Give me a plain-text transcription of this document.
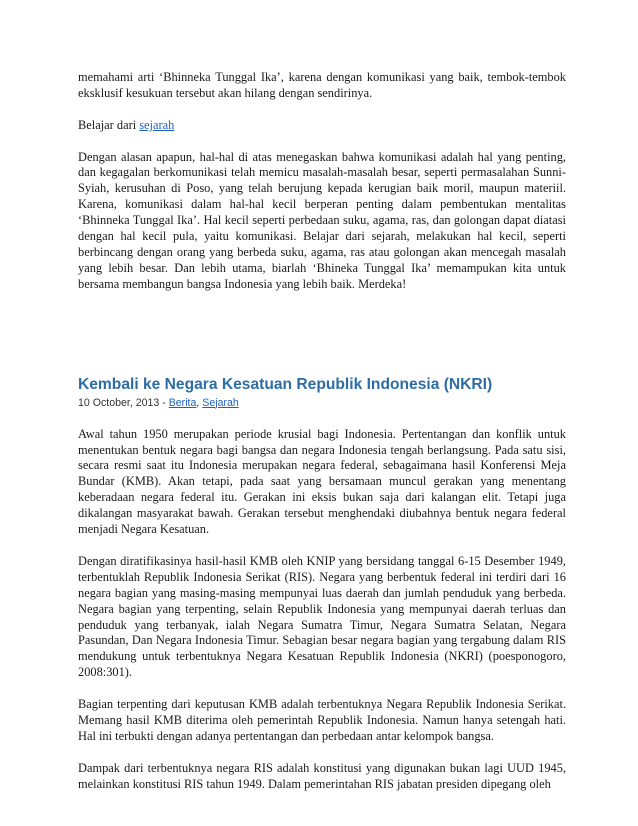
memahami arti ‘Bhinneka Tunggal Ika’, karena dengan komunikasi yang baik, tembok-tembok eksklusif kesukuan tersebut akan hilang dengan sendirinya.

Belajar dari sejarah

Dengan alasan apapun, hal-hal di atas menegaskan bahwa komunikasi adalah hal yang penting, dan kegagalan berkomunikasi telah memicu masalah-masalah besar, seperti permasalahan Sunni-Syiah, kerusuhan di Poso, yang telah berujung kepada kerugian baik moril, maupun materiil. Karena, komunikasi dalam hal-hal kecil berperan penting dalam pembentukan mentalitas ‘Bhinneka Tunggal Ika’. Hal kecil seperti perbedaan suku, agama, ras, dan golongan dapat diatasi dengan hal kecil pula, yaitu komunikasi. Belajar dari sejarah, melakukan hal kecil, seperti berbincang dengan orang yang berbeda suku, agama, ras atau golongan akan mencegah masalah yang lebih besar. Dan lebih utama, biarlah ‘Bhineka Tunggal Ika’ memampukan kita untuk bersama membangun bangsa Indonesia yang lebih baik. Merdeka!

Kembali ke Negara Kesatuan Republik Indonesia (NKRI)
10 October, 2013 - Berita, Sejarah

Awal tahun 1950 merupakan periode krusial bagi Indonesia. Pertentangan dan konflik untuk menentukan bentuk negara bagi bangsa dan negara Indonesia tengah berlangsung. Pada satu sisi, secara resmi saat itu Indonesia merupakan negara federal, sebagaimana hasil Konferensi Meja Bundar (KMB). Akan tetapi, pada saat yang bersamaan muncul gerakan yang menentang keberadaan negara federal itu. Gerakan ini eksis bukan saja dari kalangan elit. Tetapi juga dikalangan masyarakat bawah. Gerakan tersebut menghendaki diubahnya bentuk negara federal menjadi Negara Kesatuan.

Dengan diratifikasinya hasil-hasil KMB oleh KNIP yang bersidang tanggal 6-15 Desember 1949, terbentuklah Republik Indonesia Serikat (RIS). Negara yang berbentuk federal ini terdiri dari 16 negara bagian yang masing-masing mempunyai luas daerah dan jumlah penduduk yang berbeda. Negara bagian yang terpenting, selain Republik Indonesia yang mempunyai daerah terluas dan penduduk yang terbanyak, ialah Negara Sumatra Timur, Negara Sumatra Selatan, Negara Pasundan, Dan Negara Indonesia Timur. Sebagian besar negara bagian yang tergabung dalam RIS mendukung untuk terbentuknya Negara Kesatuan Republik Indonesia (NKRI) (poesponogoro, 2008:301).

Bagian terpenting dari keputusan KMB adalah terbentuknya Negara Republik Indonesia Serikat. Memang hasil KMB diterima oleh pemerintah Republik Indonesia. Namun hanya setengah hati. Hal ini terbukti dengan adanya pertentangan dan perbedaan antar kelompok bangsa.

Dampak dari terbentuknya negara RIS adalah konstitusi yang digunakan bukan lagi UUD 1945, melainkan konstitusi RIS tahun 1949. Dalam pemerintahan RIS jabatan presiden dipegang oleh
